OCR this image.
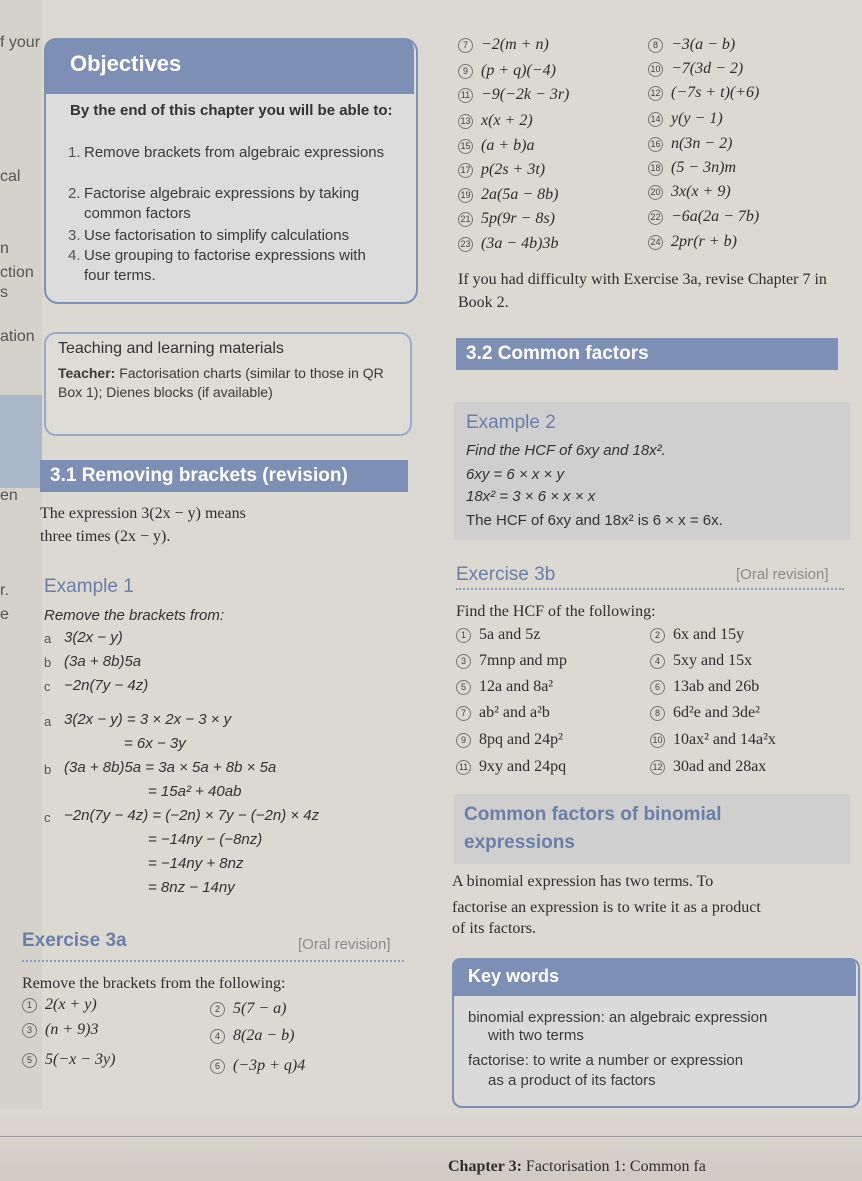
f your
cal
n
ction
s
ation
en
r.
e
Objectives
By the end of this chapter you will be able to:
1. Remove brackets from algebraic expressions
2. Factorise algebraic expressions by taking common factors
3. Use factorisation to simplify calculations
4. Use grouping to factorise expressions with four terms.
Teaching and learning materials
Teacher: Factorisation charts (similar to those in QR Box 1); Dienes blocks (if available)
3.1 Removing brackets (revision)
The expression 3(2x − y) means
three times (2x − y).
Example 1
Remove the brackets from:
a 3(2x − y)
b (3a + 8b)5a
c −2n(7y − 4z)
a 3(2x − y) = 3 × 2x − 3 × y
= 6x − 3y
b (3a + 8b)5a = 3a × 5a + 8b × 5a
= 15a² + 40ab
c −2n(7y − 4z) = (−2n) × 7y − (−2n) × 4z
= −14ny − (−8nz)
= −14ny + 8nz
= 8nz − 14ny
Exercise 3a	[Oral revision]
Remove the brackets from the following:
1 2(x + y)	2 5(7 − a)
3 (n + 9)3	4 8(2a − b)
5 5(−x − 3y)	6 (−3p + q)4
7 −2(m + n)	8 −3(a − b)
9 (p + q)(−4)	10 −7(3d − 2)
11 −9(−2k − 3r)	12 (−7s + t)(+6)
13 x(x + 2)	14 y(y − 1)
15 (a + b)a	16 n(3n − 2)
17 p(2s + 3t)	18 (5 − 3n)m
19 2a(5a − 8b)	20 3x(x + 9)
21 5p(9r − 8s)	22 −6a(2a − 7b)
23 (3a − 4b)3b	24 2pr(r + b)
If you had difficulty with Exercise 3a, revise Chapter 7 in Book 2.
3.2 Common factors
Example 2
Find the HCF of 6xy and 18x².
6xy = 6 × x × y
18x² = 3 × 6 × x × x
The HCF of 6xy and 18x² is 6 × x = 6x.
Exercise 3b	[Oral revision]
Find the HCF of the following:
1 5a and 5z	2 6x and 15y
3 7mnp and mp	4 5xy and 15x
5 12a and 8a²	6 13ab and 26b
7 ab² and a²b	8 6d²e and 3de²
9 8pq and 24p²	10 10ax² and 14a²x
11 9xy and 24pq	12 30ad and 28ax
Common factors of binomial
expressions
A binomial expression has two terms. To
factorise an expression is to write it as a product
of its factors.
Key words
binomial expression: an algebraic expression
with two terms
factorise: to write a number or expression
as a product of its factors
Chapter 3: Factorisation 1: Common fa
